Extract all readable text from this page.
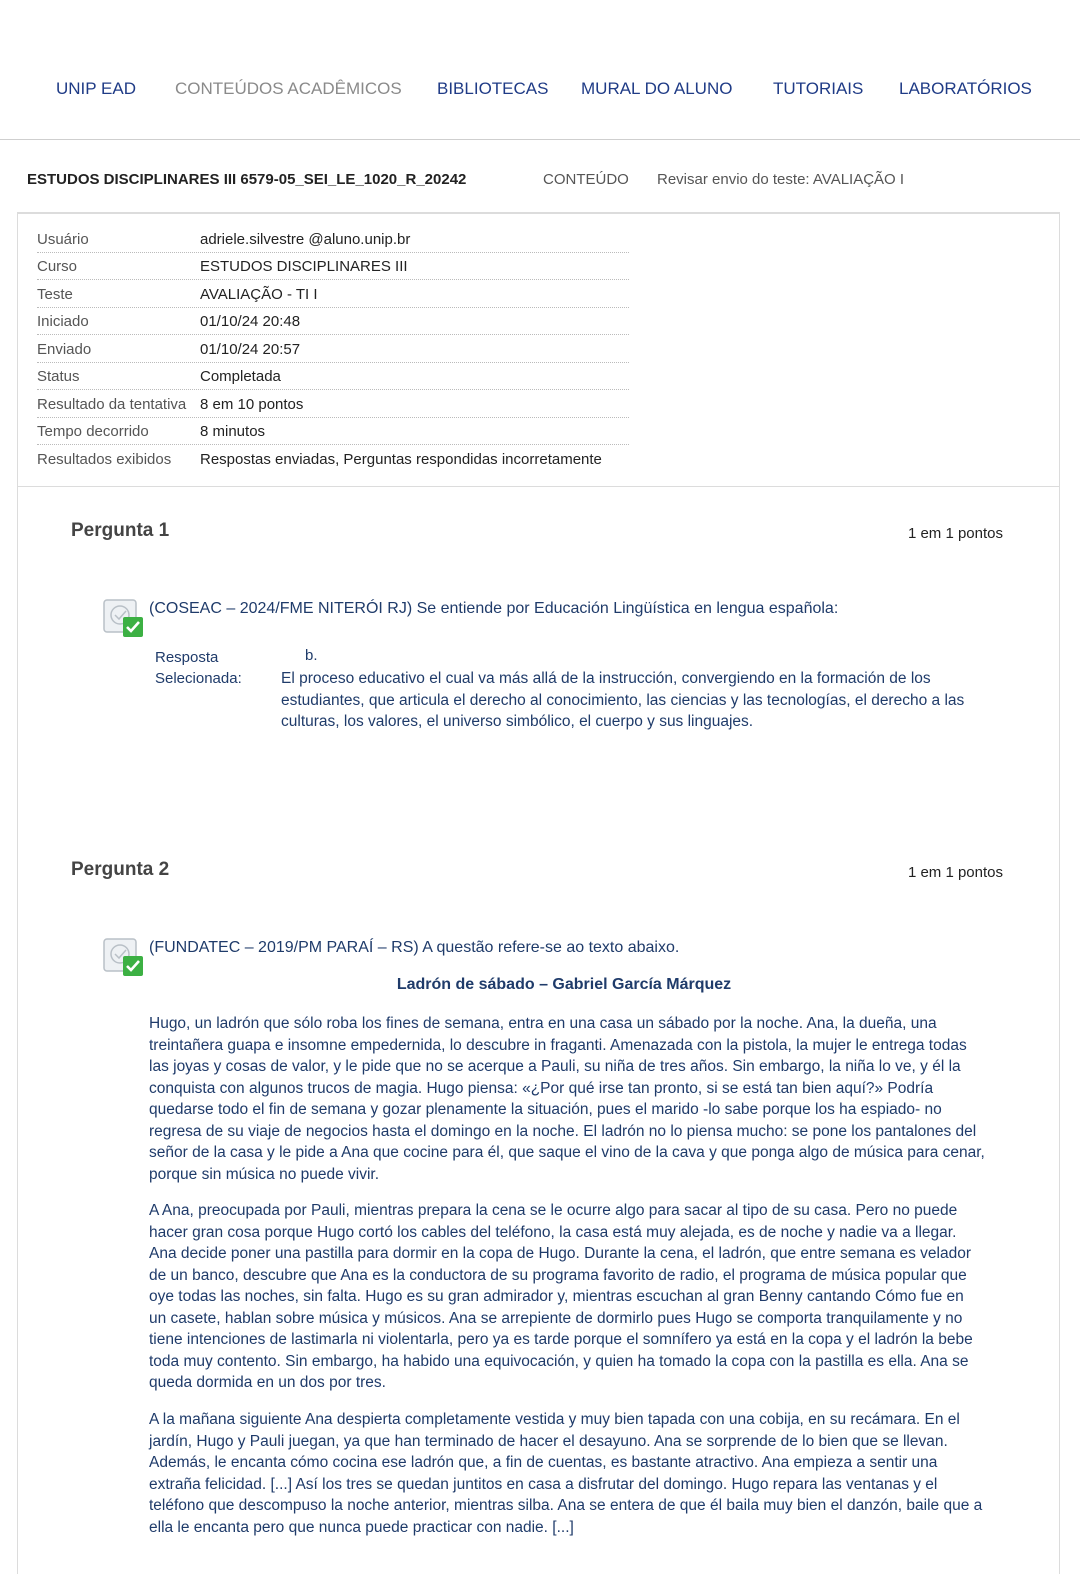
UNIP EAD CONTEÚDOS ACADÊMICOS BIBLIOTECAS MURAL DO ALUNO TUTORIAIS LABORATÓRIOS
ESTUDOS DISCIPLINARES III 6579-05_SEI_LE_1020_R_20242	CONTEÚDO Revisar envio do teste: AVALIAÇÃO I
Usuário	adriele.silvestre @aluno.unip.br
Curso	ESTUDOS DISCIPLINARES III
Teste	AVALIAÇÃO - TI I
Iniciado	01/10/24 20:48
Enviado	01/10/24 20:57
Status	Completada
Resultado da tentativa 8 em 10 pontos
Tempo decorrido	8 minutos
Resultados exibidos Respostas enviadas, Perguntas respondidas incorretamente
Pergunta 1	1 em 1 pontos
(COSEAC – 2024/FME NITERÓI RJ) Se entiende por Educación Lingüística en lengua española:
Resposta
Selecionada:
b.
El proceso educativo el cual va más allá de la instrucción, convergiendo en la formación de los estudiantes, que articula el derecho al conocimiento, las ciencias y las tecnologías, el derecho a las culturas, los valores, el universo simbólico, el cuerpo y sus linguajes.
Pergunta 2	1 em 1 pontos
(FUNDATEC – 2019/PM PARAÍ – RS) A questão refere-se ao texto abaixo.
Ladrón de sábado – Gabriel García Márquez
Hugo, un ladrón que sólo roba los fines de semana, entra en una casa un sábado por la noche. Ana, la dueña, una treintañera guapa e insomne empedernida, lo descubre in fraganti. Amenazada con la pistola, la mujer le entrega todas las joyas y cosas de valor, y le pide que no se acerque a Pauli, su niña de tres años. Sin embargo, la niña lo ve, y él la conquista con algunos trucos de magia. Hugo piensa: «¿Por qué irse tan pronto, si se está tan bien aquí?» Podría quedarse todo el fin de semana y gozar plenamente la situación, pues el marido -lo sabe porque los ha espiado- no regresa de su viaje de negocios hasta el domingo en la noche. El ladrón no lo piensa mucho: se pone los pantalones del señor de la casa y le pide a Ana que cocine para él, que saque el vino de la cava y que ponga algo de música para cenar, porque sin música no puede vivir.
A Ana, preocupada por Pauli, mientras prepara la cena se le ocurre algo para sacar al tipo de su casa. Pero no puede hacer gran cosa porque Hugo cortó los cables del teléfono, la casa está muy alejada, es de noche y nadie va a llegar. Ana decide poner una pastilla para dormir en la copa de Hugo. Durante la cena, el ladrón, que entre semana es velador de un banco, descubre que Ana es la conductora de su programa favorito de radio, el programa de música popular que oye todas las noches, sin falta. Hugo es su gran admirador y, mientras escuchan al gran Benny cantando Cómo fue en un casete, hablan sobre música y músicos. Ana se arrepiente de dormirlo pues Hugo se comporta tranquilamente y no tiene intenciones de lastimarla ni violentarla, pero ya es tarde porque el somnífero ya está en la copa y el ladrón la bebe toda muy contento. Sin embargo, ha habido una equivocación, y quien ha tomado la copa con la pastilla es ella. Ana se queda dormida en un dos por tres.
A la mañana siguiente Ana despierta completamente vestida y muy bien tapada con una cobija, en su recámara. En el jardín, Hugo y Pauli juegan, ya que han terminado de hacer el desayuno. Ana se sorprende de lo bien que se llevan. Además, le encanta cómo cocina ese ladrón que, a fin de cuentas, es bastante atractivo. Ana empieza a sentir una extraña felicidad. [...] Así los tres se quedan juntitos en casa a disfrutar del domingo. Hugo repara las ventanas y el teléfono que descompuso la noche anterior, mientras silba. Ana se entera de que él baila muy bien el danzón, baile que a ella le encanta pero que nunca puede practicar con nadie. [...]
